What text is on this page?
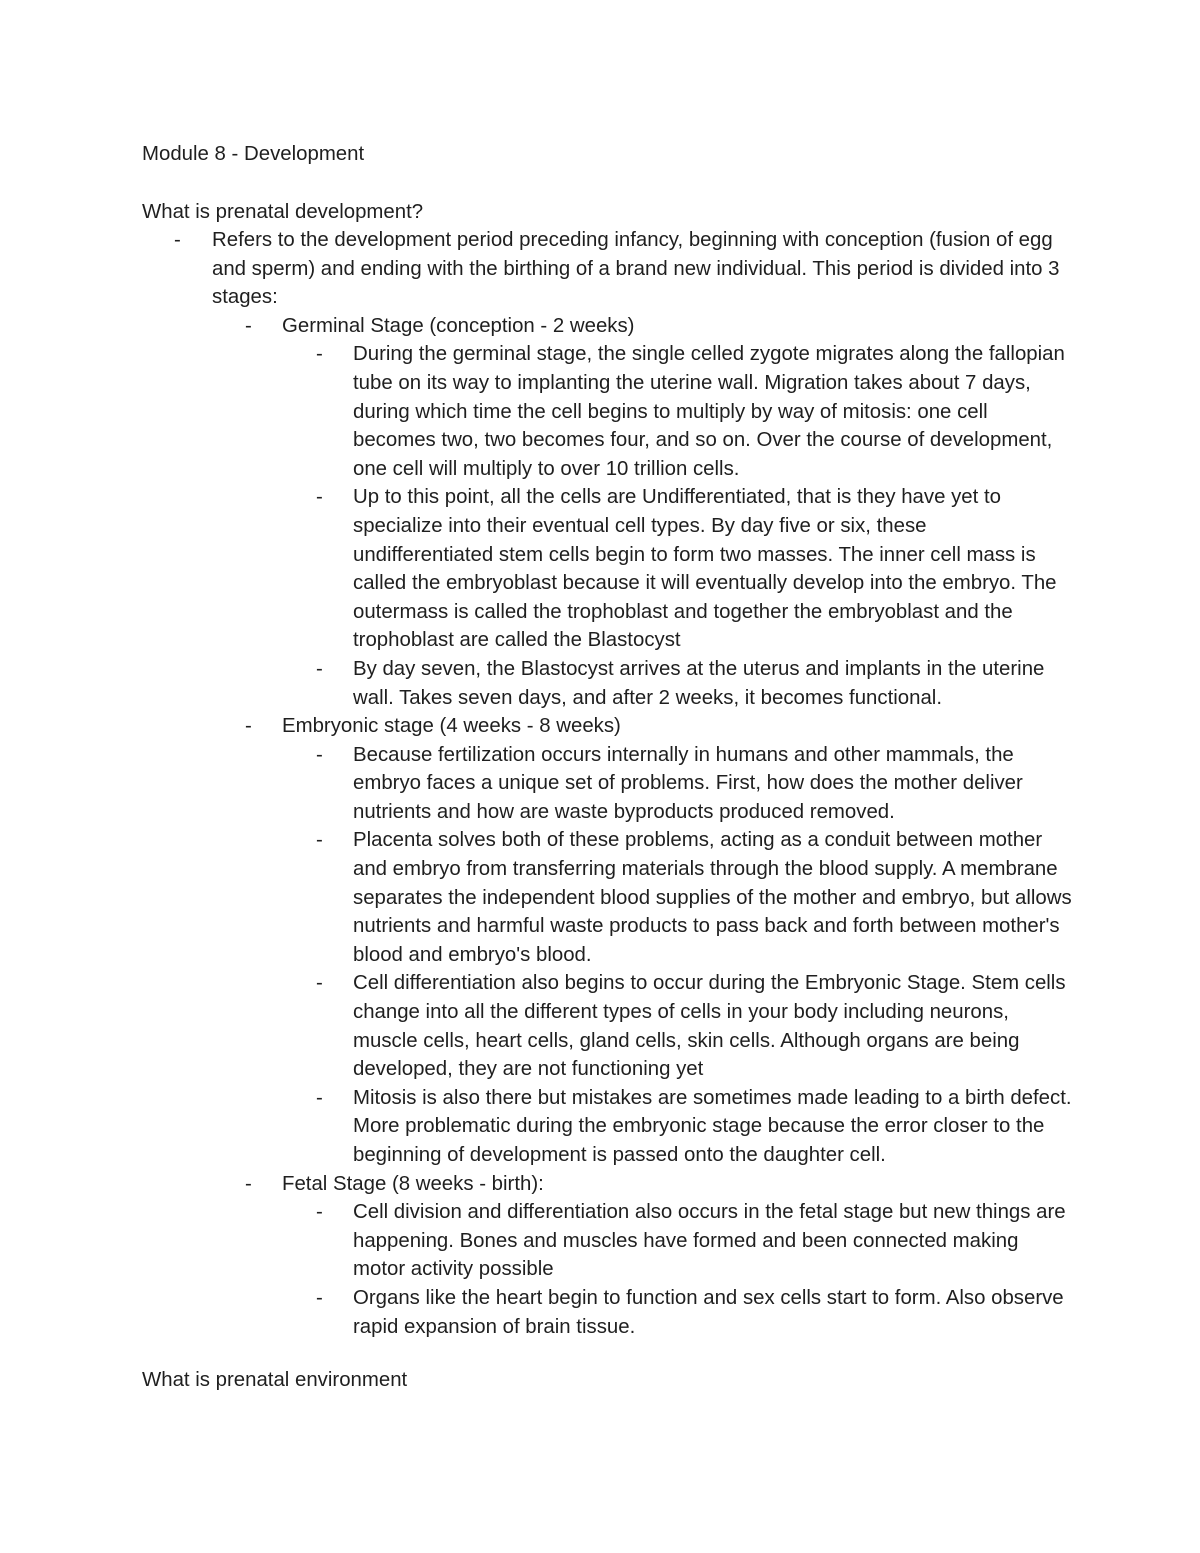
Module 8 - Development
What is prenatal development?
- Refers to the development period preceding infancy, beginning with conception (fusion of egg and sperm) and ending with the birthing of a brand new individual. This period is divided into 3 stages:
- Germinal Stage (conception - 2 weeks)
- During the germinal stage, the single celled zygote migrates along the fallopian tube on its way to implanting the uterine wall. Migration takes about 7 days, during which time the cell begins to multiply by way of mitosis: one cell becomes two, two becomes four, and so on. Over the course of development, one cell will multiply to over 10 trillion cells.
- Up to this point, all the cells are Undifferentiated, that is they have yet to specialize into their eventual cell types. By day five or six, these undifferentiated stem cells begin to form two masses. The inner cell mass is called the embryoblast because it will eventually develop into the embryo. The outermass is called the trophoblast and together the embryoblast and the trophoblast are called the Blastocyst
- By day seven, the Blastocyst arrives at the uterus and implants in the uterine wall. Takes seven days, and after 2 weeks, it becomes functional.
- Embryonic stage (4 weeks - 8 weeks)
- Because fertilization occurs internally in humans and other mammals, the embryo faces a unique set of problems. First, how does the mother deliver nutrients and how are waste byproducts produced removed.
- Placenta solves both of these problems, acting as a conduit between mother and embryo from transferring materials through the blood supply. A membrane separates the independent blood supplies of the mother and embryo, but allows nutrients and harmful waste products to pass back and forth between mother's blood and embryo's blood.
- Cell differentiation also begins to occur during the Embryonic Stage. Stem cells change into all the different types of cells in your body including neurons, muscle cells, heart cells, gland cells, skin cells. Although organs are being developed, they are not functioning yet
- Mitosis is also there but mistakes are sometimes made leading to a birth defect. More problematic during the embryonic stage because the error closer to the beginning of development is passed onto the daughter cell.
- Fetal Stage (8 weeks - birth):
- Cell division and differentiation also occurs in the fetal stage but new things are happening. Bones and muscles have formed and been connected making motor activity possible
- Organs like the heart begin to function and sex cells start to form. Also observe rapid expansion of brain tissue.
What is prenatal environment
